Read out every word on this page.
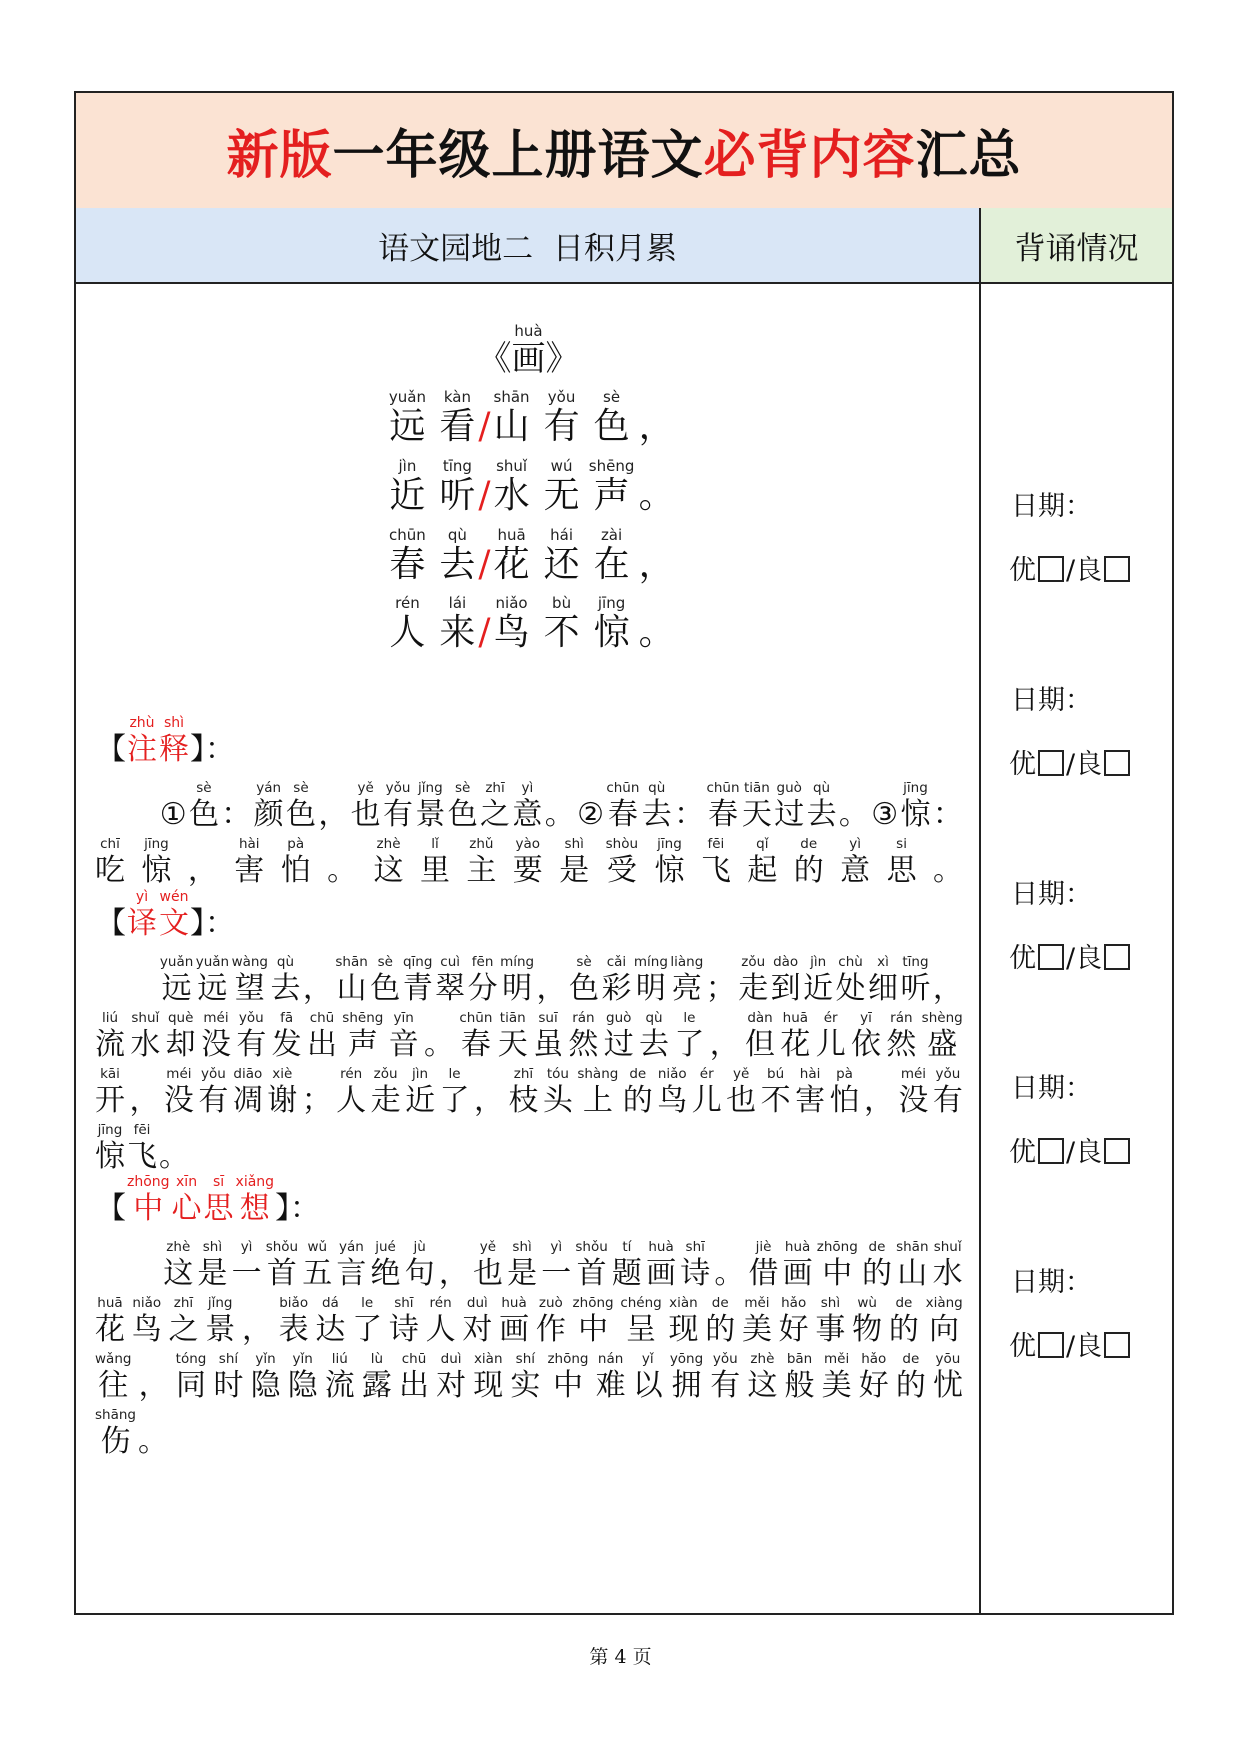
新版 一年级上册语文 必背内容 汇总
语文园地二  日积月累	背诵情况
huà
《画》
yuǎn
远
kàn
看 /
shān
山
yǒu
有
sè
色 ，
jìn
近
tīng
听 /
shuǐ
水
wú
无
shēng
声 。
chūn
春
qù
去 /
huā
花
hái
还
zài
在 ，
rén
人
lái
来 /
niǎo
鸟
bù
不
jīng
惊 。
【
zhù
注
shì
释 】：

①
sè
色 ：
yán
颜
sè
色 ，
yě
也
yǒu
有
jǐng
景
sè
色
zhī
之
yì
意 。 ②
chūn
春
qù
去 ：
chūn
春
tiān
天
guò
过
qù
去 。 ③
jīng
惊 ：
chī
吃
jīng
惊 ，
hài
害
pà
怕 。
zhè
这
lǐ
里
zhǔ
主
yào
要
shì
是
shòu
受
jīng
惊
fēi
飞
qǐ
起
de
的
yì
意
si
思 。
【
yì
译
wén
文 】：

yuǎn
远
yuǎn
远
wàng
望
qù
去 ，
shān
山
sè
色
qīng
青
cuì
翠
fēn
分
míng
明 ，
sè
色
cǎi
彩
míng
明
liàng
亮 ；
zǒu
走
dào
到
jìn
近
chù
处
xì
细
tīng
听 ，
liú
流
shuǐ
水
què
却
méi
没
yǒu
有
fā
发
chū
出
shēng
声
yīn
音 。
chūn
春
tiān
天
suī
虽
rán
然
guò
过
qù
去
le
了 ，
dàn
但
huā
花
ér
儿
yī
依
rán
然
shèng
盛
kāi
开 ，
méi
没
yǒu
有
diāo
凋
xiè
谢 ；
rén
人
zǒu
走
jìn
近
le
了 ，
zhī
枝
tóu
头
shàng
上
de
的
niǎo
鸟
ér
儿
yě
也
bú
不
hài
害
pà
怕 ，
méi
没
yǒu
有
jīng
惊
fēi
飞 。
【
zhōng
中
xīn
心
sī
思
xiǎng
想 】：

zhè
这
shì
是
yì
一
shǒu
首
wǔ
五
yán
言
jué
绝
jù
句 ，
yě
也
shì
是
yì
一
shǒu
首
tí
题
huà
画
shī
诗 。
jiè
借
huà
画
zhōng
中
de
的
shān
山
shuǐ
水
huā
花
niǎo
鸟
zhī
之
jǐng
景 ，
biǎo
表
dá
达
le
了
shī
诗
rén
人
duì
对
huà
画
zuò
作
zhōng
中
chéng
呈
xiàn
现
de
的
měi
美
hǎo
好
shì
事
wù
物
de
的
xiàng
向
wǎng
往 ，
tóng
同
shí
时
yǐn
隐
yǐn
隐
liú
流
lù
露
chū
出
duì
对
xiàn
现
shí
实
zhōng
中
nán
难
yǐ
以
yōng
拥
yǒu
有
zhè
这
bān
般
měi
美
hǎo
好
de
的
yōu
忧
shāng
伤 。
日期：
优 /良
日期：
优 /良
日期：
优 /良
日期：
优 /良
日期：
优 /良
第 4 页
